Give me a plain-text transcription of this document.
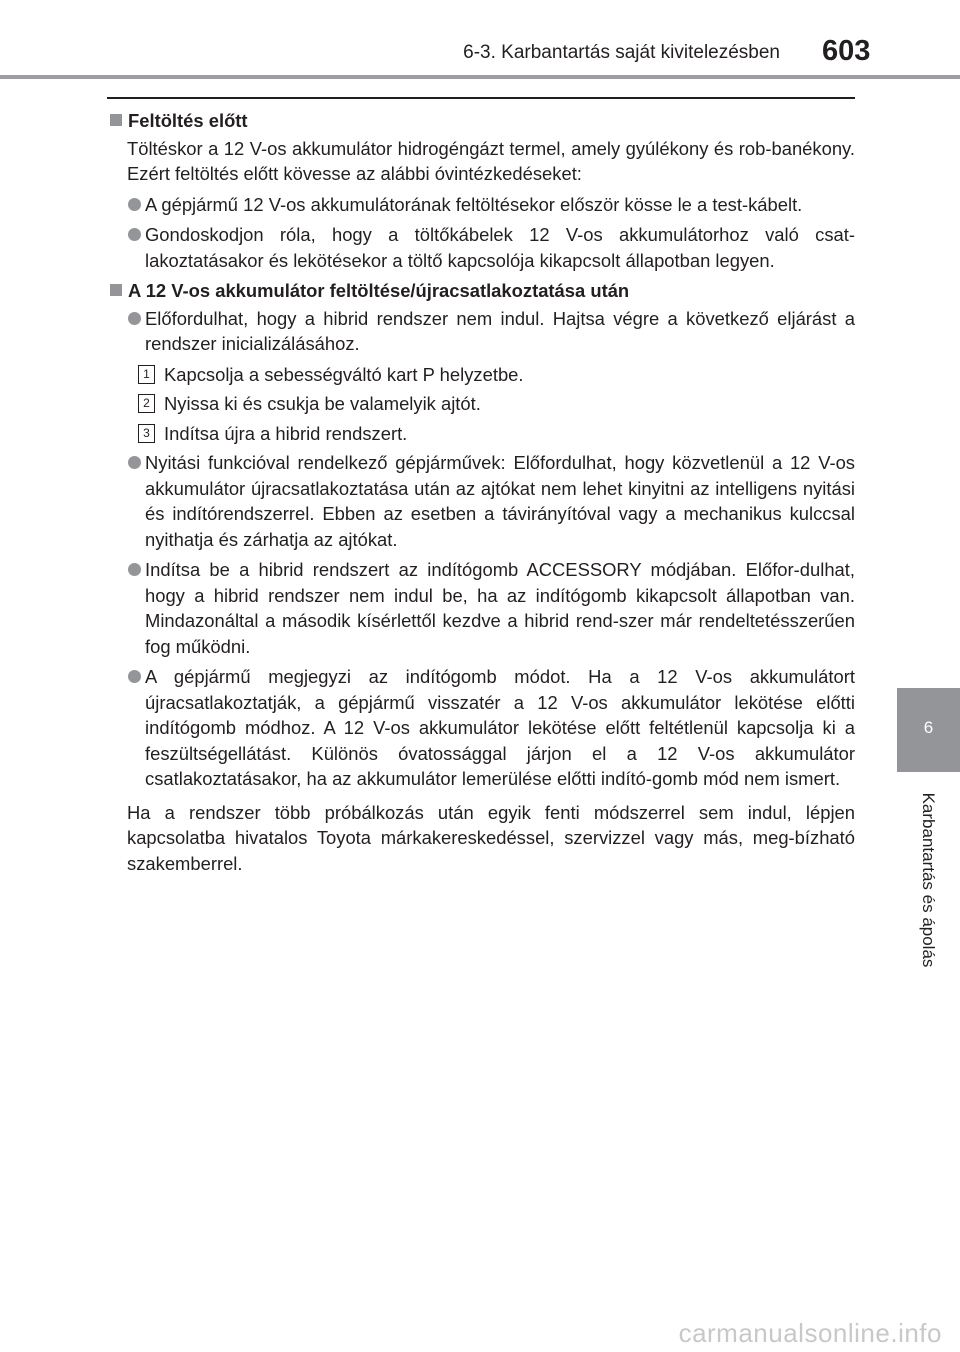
6-3. Karbantartás saját kivitelezésben 603
6
Karbantartás és ápolás
Feltöltés előtt
Töltéskor a 12 V-os akkumulátor hidrogéngázt termel, amely gyúlékony és rob-banékony. Ezért feltöltés előtt kövesse az alábbi óvintézkedéseket:
A gépjármű 12 V-os akkumulátorának feltöltésekor először kösse le a test-kábelt.
Gondoskodjon róla, hogy a töltőkábelek 12 V-os akkumulátorhoz való csat-lakoztatásakor és lekötésekor a töltő kapcsolója kikapcsolt állapotban legyen.
A 12 V-os akkumulátor feltöltése/újracsatlakoztatása után
Előfordulhat, hogy a hibrid rendszer nem indul. Hajtsa végre a következő eljárást a rendszer inicializálásához.
1 Kapcsolja a sebességváltó kart P helyzetbe.
2 Nyissa ki és csukja be valamelyik ajtót.
3 Indítsa újra a hibrid rendszert.
Nyitási funkcióval rendelkező gépjárművek: Előfordulhat, hogy közvetlenül a 12 V-os akkumulátor újracsatlakoztatása után az ajtókat nem lehet kinyitni az intelligens nyitási és indítórendszerrel. Ebben az esetben a távirányítóval vagy a mechanikus kulccsal nyithatja és zárhatja az ajtókat.
Indítsa be a hibrid rendszert az indítógomb ACCESSORY módjában. Előfor-dulhat, hogy a hibrid rendszer nem indul be, ha az indítógomb kikapcsolt állapotban van. Mindazonáltal a második kísérlettől kezdve a hibrid rend-szer már rendeltetésszerűen fog működni.
A gépjármű megjegyzi az indítógomb módot. Ha a 12 V-os akkumulátort újracsatlakoztatják, a gépjármű visszatér a 12 V-os akkumulátor lekötése előtti indítógomb módhoz. A 12 V-os akkumulátor lekötése előtt feltétlenül kapcsolja ki a feszültségellátást. Különös óvatossággal járjon el a 12 V-os akkumulátor csatlakoztatásakor, ha az akkumulátor lemerülése előtti indító-gomb mód nem ismert.
Ha a rendszer több próbálkozás után egyik fenti módszerrel sem indul, lépjen kapcsolatba hivatalos Toyota márkakereskedéssel, szervizzel vagy más, meg-bízható szakemberrel.
carmanualsonline.info
